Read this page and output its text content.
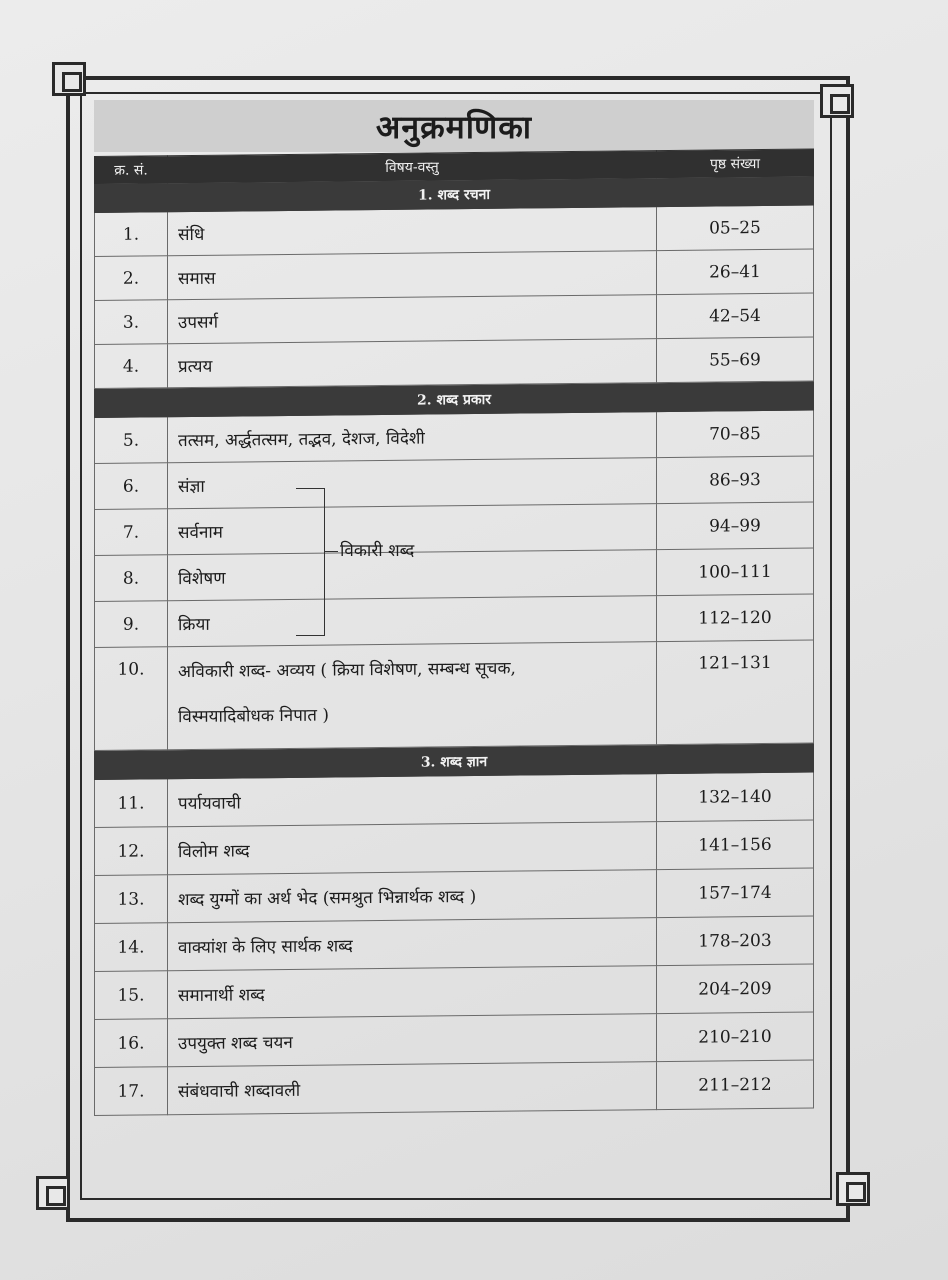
अनुक्रमणिका
क्र. सं.	विषय-वस्तु	पृष्ठ संख्या
1. शब्द रचना		
1.	संधि	05–25
2.	समास	26–41
3.	उपसर्ग	42–54
4.	प्रत्यय	55–69
2. शब्द प्रकार		
5.	तत्सम, अर्द्धतत्सम, तद्भव, देशज, विदेशी	70–85
6.	संज्ञा	86–93
7.	सर्वनाम	94–99
8.	विशेषण	100–111
9.	क्रिया	112–120
10.	अविकारी शब्द- अव्यय ( क्रिया विशेषण, सम्बन्ध सूचक,
विस्मयादिबोधक निपात )	121–131
3. शब्द ज्ञान		
11.	पर्यायवाची	132–140
12.	विलोम शब्द	141–156
13.	शब्द युग्मों का अर्थ भेद (समश्रुत भिन्नार्थक शब्द )	157–174
14.	वाक्यांश के लिए सार्थक शब्द	178–203
15.	समानार्थी शब्द	204–209
16.	उपयुक्त शब्द चयन	210–210
17.	संबंधवाची शब्दावली	211–212
विकारी शब्द
